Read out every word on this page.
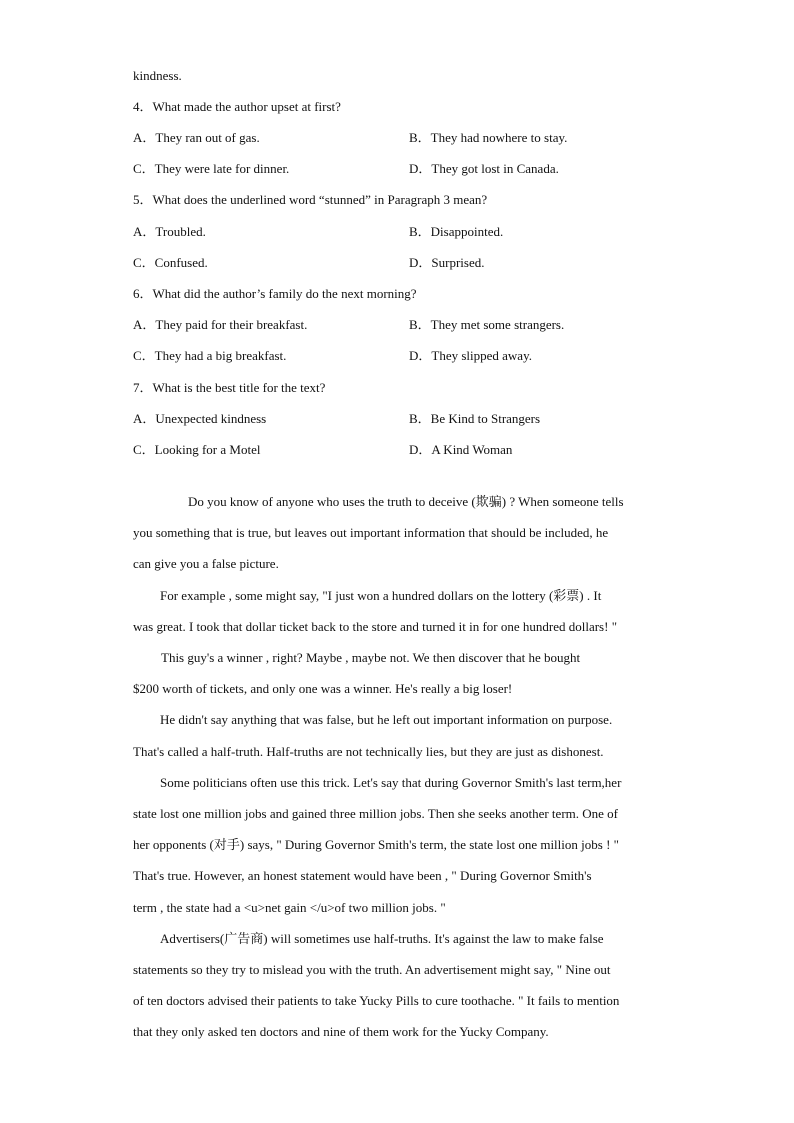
kindness.
4．What made the author upset at first?
A．They ran out of gas.	B．They had nowhere to stay.
C．They were late for dinner.	D．They got lost in Canada.
5．What does the underlined word “stunned” in Paragraph 3 mean?
A．Troubled.	B．Disappointed.
C．Confused.	D．Surprised.
6．What did the author’s family do the next morning?
A．They paid for their breakfast.	B．They met some strangers.
C．They had a big breakfast.	D．They slipped away.
7．What is the best title for the text?
A．Unexpected kindness	B．Be Kind to Strangers
C．Looking for a Motel	D．A Kind Woman
Do you know of anyone who uses the truth to deceive (欺骗) ? When someone tells
you something that is true, but leaves out important information that should be included, he
can give you a false picture.
For example , some might say, "I just won a hundred dollars on the lottery (彩票) . It
was great. I took that dollar ticket back to the store and turned it in for one hundred dollars! "
This guy's a winner , right? Maybe , maybe not. We then discover that he bought
$200 worth of tickets, and only one was a winner. He's really a big loser!
He didn't say anything that was false, but he left out important information on purpose.
That's called a half-truth. Half-truths are not technically lies, but they are just as dishonest.
Some politicians often use this trick. Let's say that during Governor Smith's last term,her
state lost one million jobs and gained three million jobs. Then she seeks another term. One of
her opponents (对手) says, " During Governor Smith's term, the state lost one million jobs ! "
That's true. However, an honest statement would have been , " During Governor Smith's
term , the state had a <u>net gain </u>of two million jobs. "
Advertisers(广告商) will sometimes use half-truths. It's against the law to make false
statements so they try to mislead you with the truth. An advertisement might say, " Nine out
of ten doctors advised their patients to take Yucky Pills to cure toothache. " It fails to mention
that they only asked ten doctors and nine of them work for the Yucky Company.
